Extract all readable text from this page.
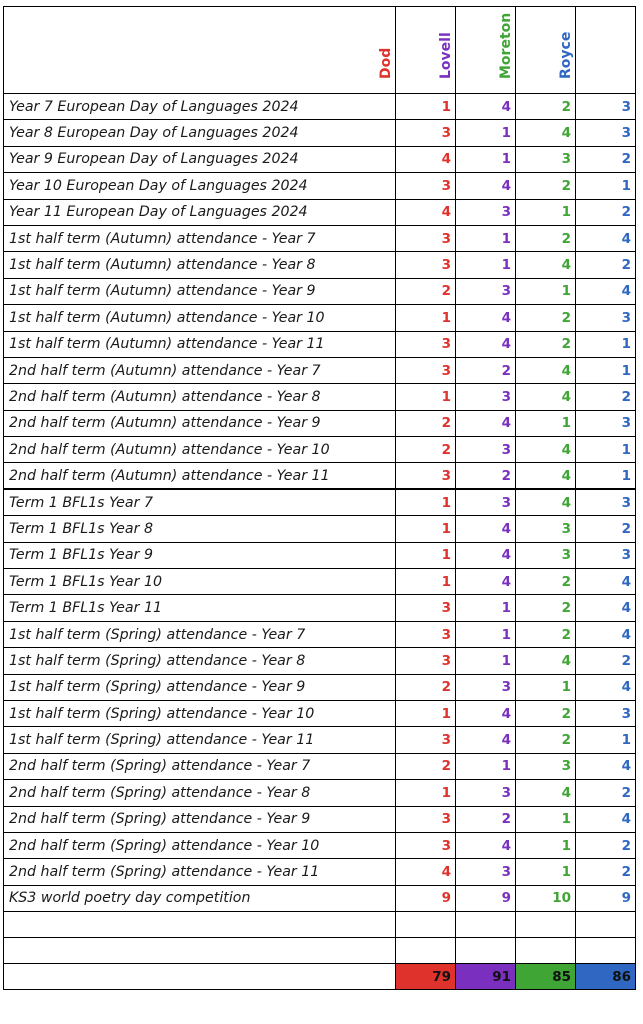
	Dod	Lovell	Moreton	Royce

Year 7 European Day of Languages 2024	1	4	2	3
Year 8 European Day of Languages 2024	3	1	4	3
Year 9 European Day of Languages 2024	4	1	3	2
Year 10 European Day of Languages 2024	3	4	2	1
Year 11 European Day of Languages 2024	4	3	1	2
1st half term (Autumn) attendance - Year 7	3	1	2	4
1st half term (Autumn) attendance - Year 8	3	1	4	2
1st half term (Autumn) attendance - Year 9	2	3	1	4
1st half term (Autumn) attendance - Year 10	1	4	2	3
1st half term (Autumn) attendance - Year 11	3	4	2	1
2nd half term (Autumn) attendance - Year 7	3	2	4	1
2nd half term (Autumn) attendance - Year 8	1	3	4	2
2nd half term (Autumn) attendance - Year 9	2	4	1	3
2nd half term (Autumn) attendance - Year 10	2	3	4	1
2nd half term (Autumn) attendance - Year 11	3	2	4	1
Term 1 BFL1s Year 7	1	3	4	3
Term 1 BFL1s Year 8	1	4	3	2
Term 1 BFL1s Year 9	1	4	3	3
Term 1 BFL1s Year 10	1	4	2	4
Term 1 BFL1s Year 11	3	1	2	4
1st half term (Spring) attendance - Year 7	3	1	2	4
1st half term (Spring) attendance - Year 8	3	1	4	2
1st half term (Spring) attendance - Year 9	2	3	1	4
1st half term (Spring) attendance - Year 10	1	4	2	3
1st half term (Spring) attendance - Year 11	3	4	2	1
2nd half term (Spring) attendance - Year 7	2	1	3	4
2nd half term (Spring) attendance - Year 8	1	3	4	2
2nd half term (Spring) attendance - Year 9	3	2	1	4
2nd half term (Spring) attendance - Year 10	3	4	1	2
2nd half term (Spring) attendance - Year 11	4	3	1	2
KS3 world poetry day competition	9	9	10	9

	79	91	85	86
